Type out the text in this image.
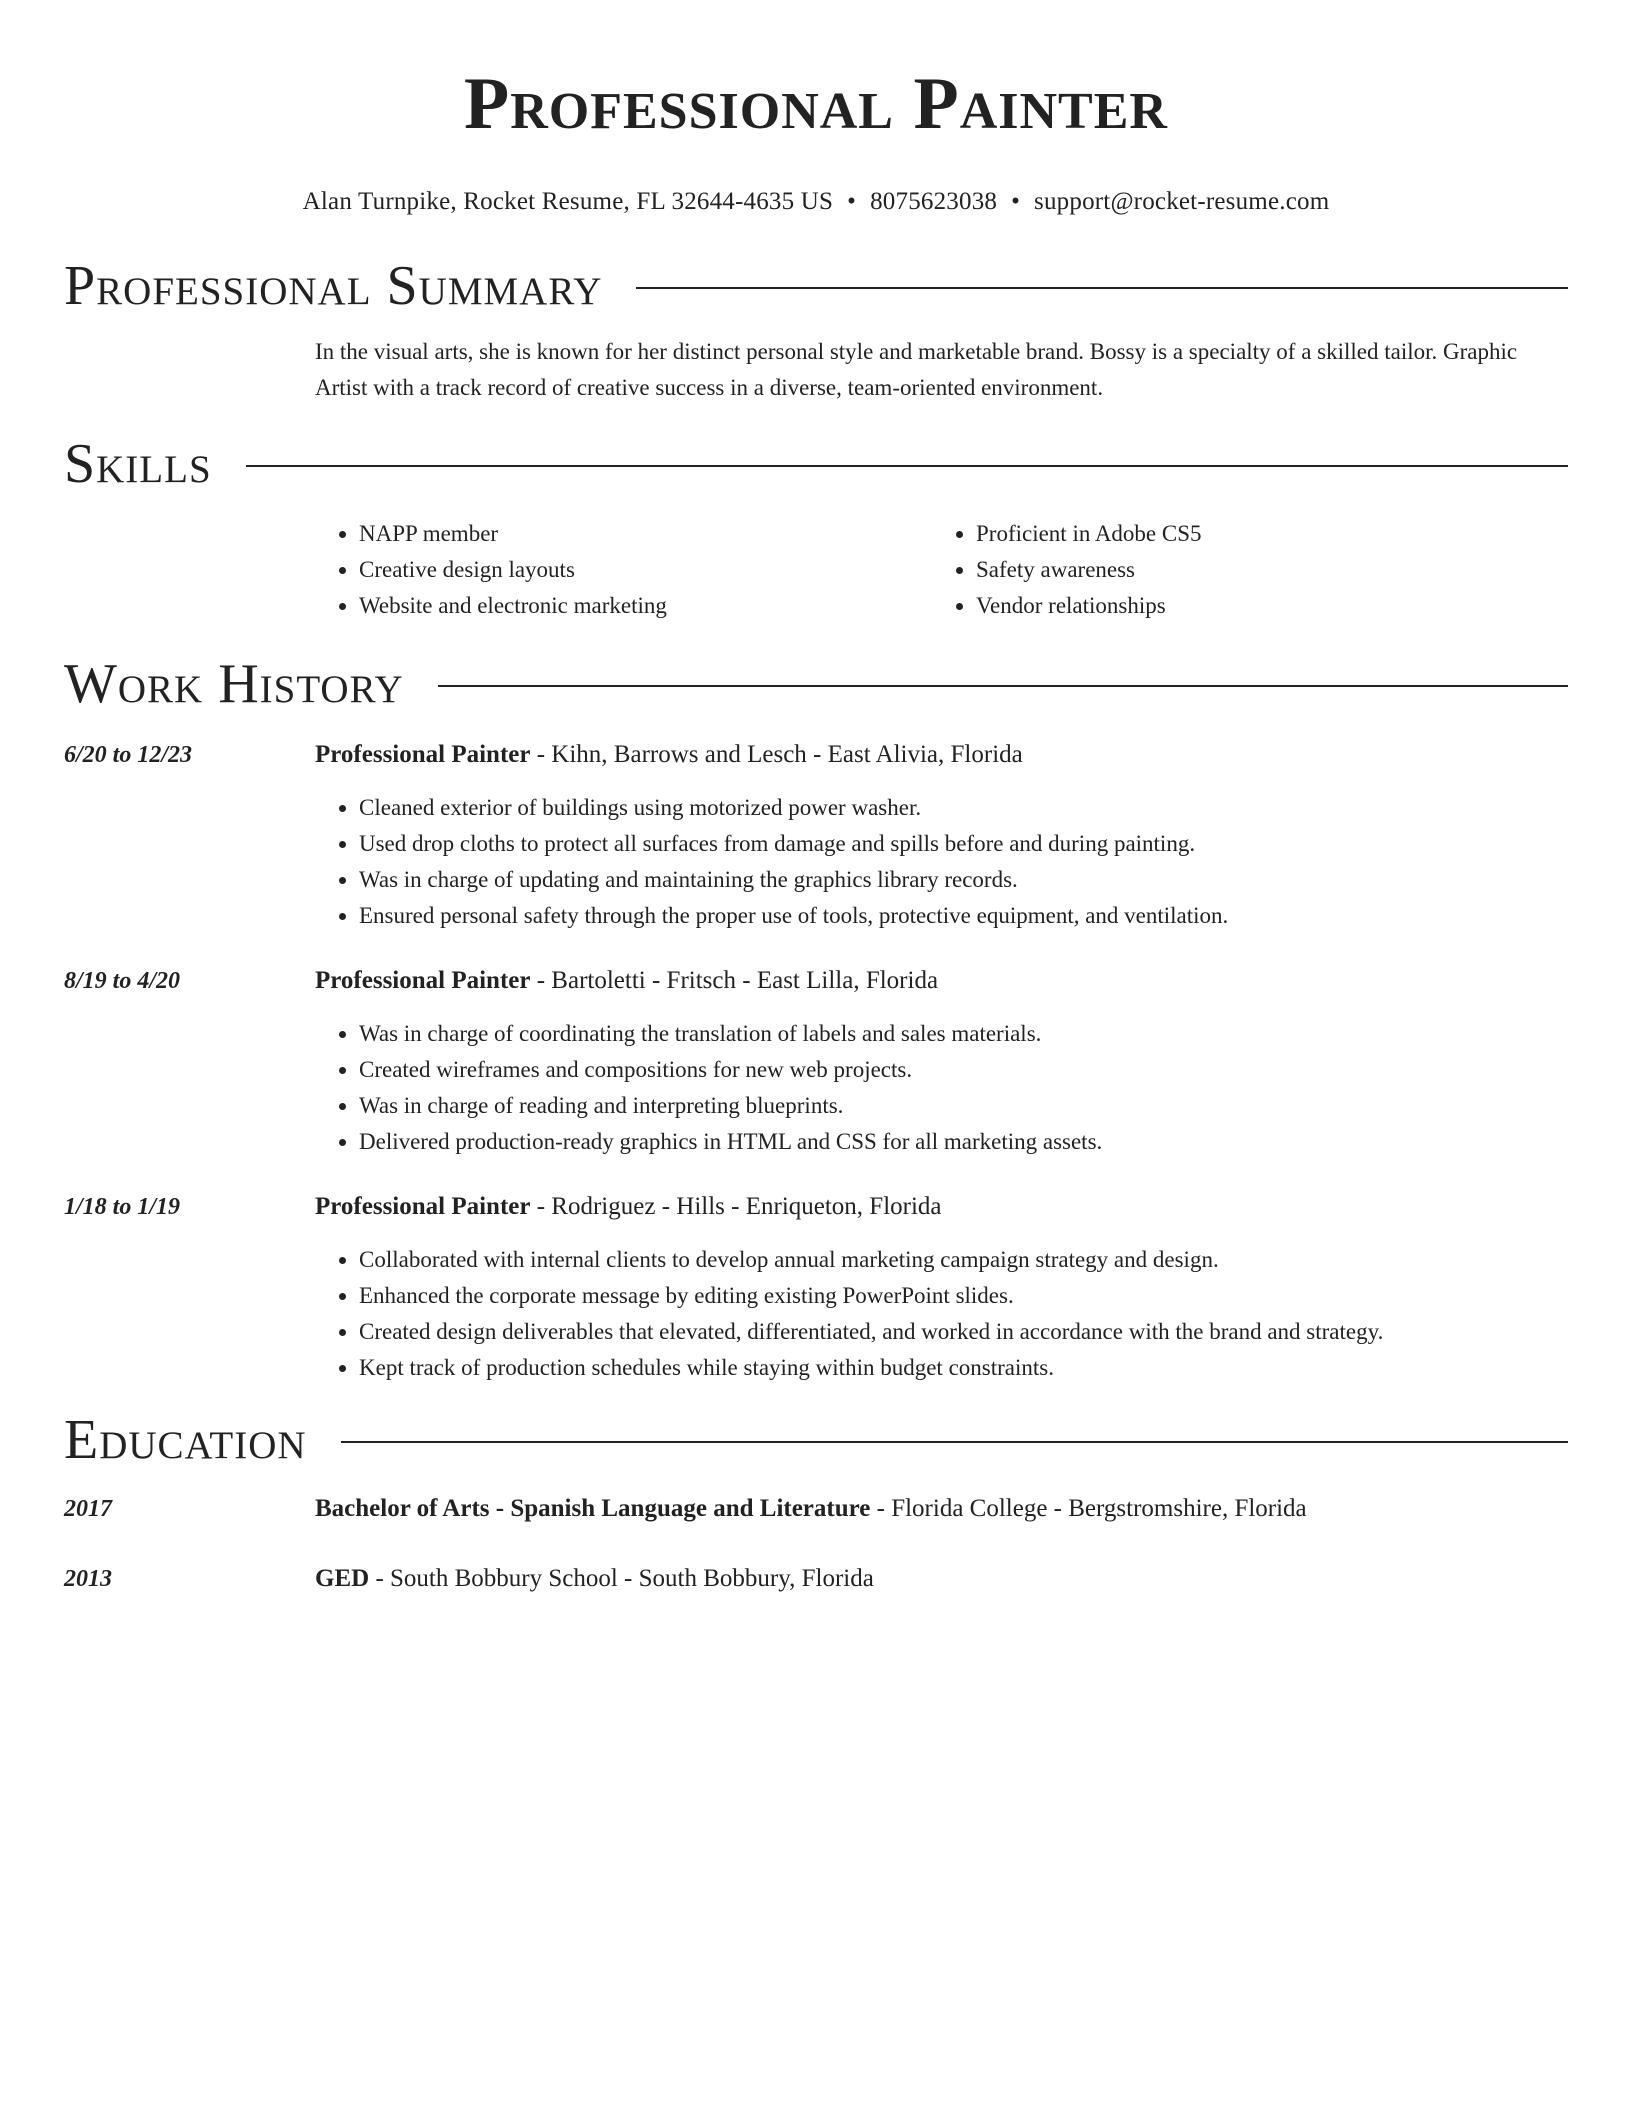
Professional Painter
Alan Turnpike, Rocket Resume, FL 32644-4635 US • 8075623038 • support@rocket-resume.com
Professional Summary
In the visual arts, she is known for her distinct personal style and marketable brand. Bossy is a specialty of a skilled tailor. Graphic Artist with a track record of creative success in a diverse, team-oriented environment.
Skills
• NAPP member
• Creative design layouts
• Website and electronic marketing
• Proficient in Adobe CS5
• Safety awareness
• Vendor relationships
Work History
6/20 to 12/23	Professional Painter - Kihn, Barrows and Lesch - East Alivia, Florida
• Cleaned exterior of buildings using motorized power washer.
• Used drop cloths to protect all surfaces from damage and spills before and during painting.
• Was in charge of updating and maintaining the graphics library records.
• Ensured personal safety through the proper use of tools, protective equipment, and ventilation.
8/19 to 4/20	Professional Painter - Bartoletti - Fritsch - East Lilla, Florida
• Was in charge of coordinating the translation of labels and sales materials.
• Created wireframes and compositions for new web projects.
• Was in charge of reading and interpreting blueprints.
• Delivered production-ready graphics in HTML and CSS for all marketing assets.
1/18 to 1/19	Professional Painter - Rodriguez - Hills - Enriqueton, Florida
• Collaborated with internal clients to develop annual marketing campaign strategy and design.
• Enhanced the corporate message by editing existing PowerPoint slides.
• Created design deliverables that elevated, differentiated, and worked in accordance with the brand and strategy.
• Kept track of production schedules while staying within budget constraints.
Education
2017	Bachelor of Arts - Spanish Language and Literature - Florida College - Bergstromshire, Florida
2013	GED - South Bobbury School - South Bobbury, Florida
